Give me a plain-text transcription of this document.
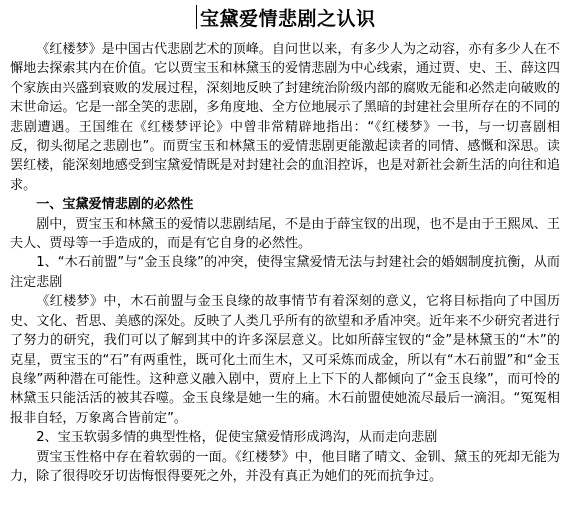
宝黛爱情悲剧之认识

《红楼梦》是中国古代悲剧艺术的顶峰。自问世以来，有多少人为之动容，亦有多少人在不懈地去探索其内在价值。它以贾宝玉和林黛玉的爱情悲剧为中心线索，通过贾、史、王、薛这四个家族由兴盛到衰败的发展过程，深刻地反映了封建统治阶级内部的腐败无能和必然走向破败的末世命运。它是一部全笑的悲剧，多角度地、全方位地展示了黑暗的封建社会里所存在的不同的悲剧遭遇。王国维在《红楼梦评论》中曾非常精辟地指出：“《红楼梦》一书，与一切喜剧相反，彻头彻尾之悲剧也”。而贾宝玉和林黛玉的爱情悲剧更能激起读者的同情、感慨和深思。读罢红楼，能深刻地感受到宝黛爱情既是对封建社会的血泪控诉，也是对新社会新生活的向往和追求。

一、宝黛爱情悲剧的必然性

剧中，贾宝玉和林黛玉的爱情以悲剧结尾，不是由于薛宝钗的出现，也不是由于王熙凤、王夫人、贾母等一手造成的，而是有它自身的必然性。

1、“木石前盟”与“金玉良缘”的冲突，使得宝黛爱情无法与封建社会的婚姻制度抗衡，从而注定悲剧

《红楼梦》中，木石前盟与金玉良缘的故事情节有着深刻的意义，它将目标指向了中国历史、文化、哲思、美感的深处。反映了人类几乎所有的欲望和矛盾冲突。近年来不少研究者进行了努力的研究，我们可以了解到其中的许多深层意义。比如所薛宝钗的“金”是林黛玉的“木”的克星，贾宝玉的“石”有两重性，既可化土而生木，又可采炼而成金，所以有“木石前盟”和“金玉良缘”两种潜在可能性。这种意义融入剧中，贾府上上下下的人都倾向了“金玉良缘”，而可怜的林黛玉只能活活的被其吞噬。金玉良缘是她一生的痛。木石前盟使她流尽最后一滴泪。“冤冤相报非自轻，万象离合皆前定”。

2、宝玉软弱多情的典型性格，促使宝黛爱情形成鸿沟，从而走向悲剧

贾宝玉性格中存在着软弱的一面。《红楼梦》中，他目睹了晴文、金钏、黛玉的死却无能为力，除了很得咬牙切齿悔恨得要死之外，并没有真正为她们的死而抗争过。
